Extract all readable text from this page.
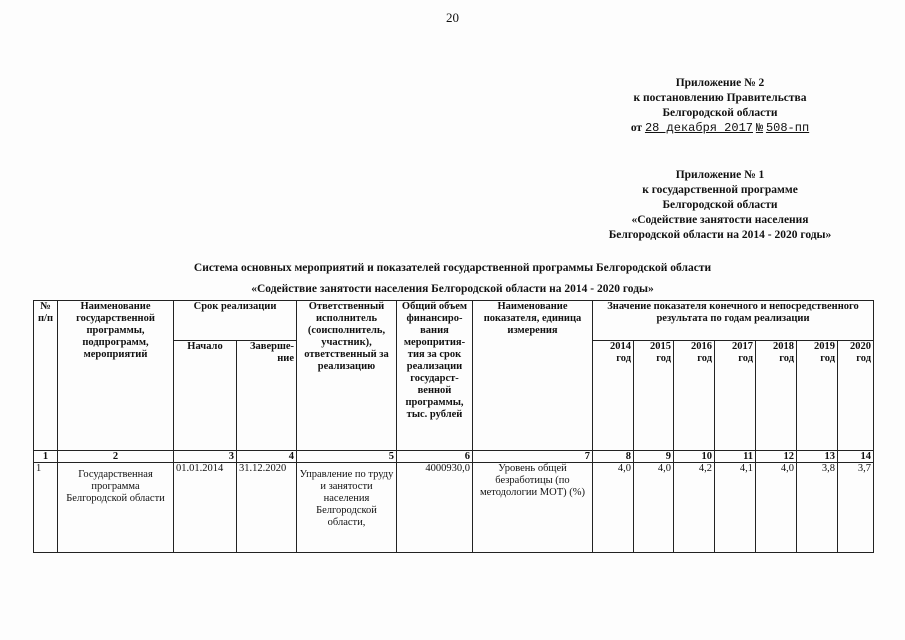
20
Приложение № 2
к постановлению Правительства
Белгородской области
от 28 декабря 2017 № 508-пп
Приложение № 1
к государственной программе
Белгородской области
«Содействие занятости населения
Белгородской области на 2014 - 2020 годы»
Система основных мероприятий и показателей государственной программы Белгородской области
«Содействие занятости населения Белгородской области на 2014 - 2020 годы»
№ п/п	Наименование государственной программы, подпрограмм, мероприятий	Срок реализации		Ответственный исполнитель (соисполнитель, участник), ответственный за реализацию	Общий объем финансиро-вания меропрития-тия за срок реализации государст-венной программы, тыс. рублей	Наименование показателя, единица измерения	Значение показателя конечного и непосредственного результата по годам реализации						
		Начало	Заверше-ние				2014 год	2015 год	2016 год	2017 год	2018 год	2019 год	2020 год
1	2	3	4	5	6	7	8	9	10	11	12	13	14
1	Государственная программа Белгородской области	01.01.2014	31.12.2020	Управление по труду и занятости населения Белгородской области,	4000930,0	Уровень общей безработицы (по методологии МОТ) (%)	4,0	4,0	4,2	4,1	4,0	3,8	3,7
